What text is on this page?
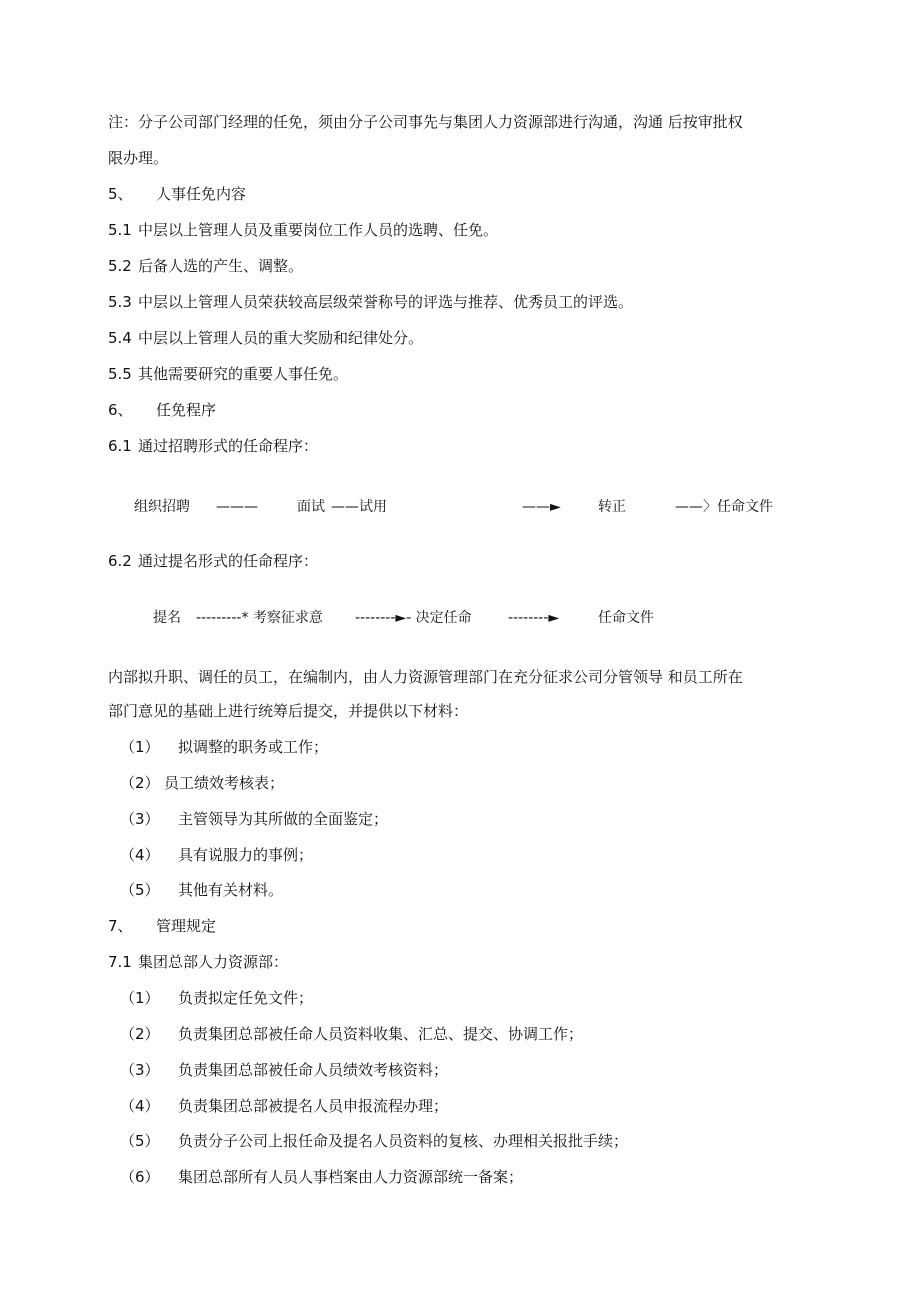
注：分子公司部门经理的任免，须由分子公司事先与集团人力资源部进行沟通，沟通 后按审批权
限办理。
5、 人事任免内容
5.1 中层以上管理人员及重要岗位工作人员的选聘、任免。
5.2 后备人选的产生、调整。
5.3 中层以上管理人员荣获较高层级荣誉称号的评选与推荐、优秀员工的评选。
5.4 中层以上管理人员的重大奖励和纪律处分。
5.5 其他需要研究的重要人事任免。
6、 任免程序
6.1 通过招聘形式的任命程序：
组织招聘 ———	面试 ——试用	——►	转正	——〉任命文件
6.2 通过提名形式的任命程序：
提名 ---------* 考察征求意 --------►- 决定任命	--------►	任命文件
内部拟升职、调任的员工，在编制内，由人力资源管理部门在充分征求公司分管领导 和员工所在
部门意见的基础上进行统筹后提交，并提供以下材料：
（1） 拟调整的职务或工作；
（2） 员工绩效考核表；
（3） 主管领导为其所做的全面鉴定；
（4） 具有说服力的事例；
（5） 其他有关材料。
7、 管理规定
7.1 集团总部人力资源部：
（1） 负责拟定任免文件；
（2） 负责集团总部被任命人员资料收集、汇总、提交、协调工作；
（3） 负责集团总部被任命人员绩效考核资料；
（4） 负责集团总部被提名人员申报流程办理；
（5） 负责分子公司上报任命及提名人员资料的复核、办理相关报批手续；
（6） 集团总部所有人员人事档案由人力资源部统一备案；
